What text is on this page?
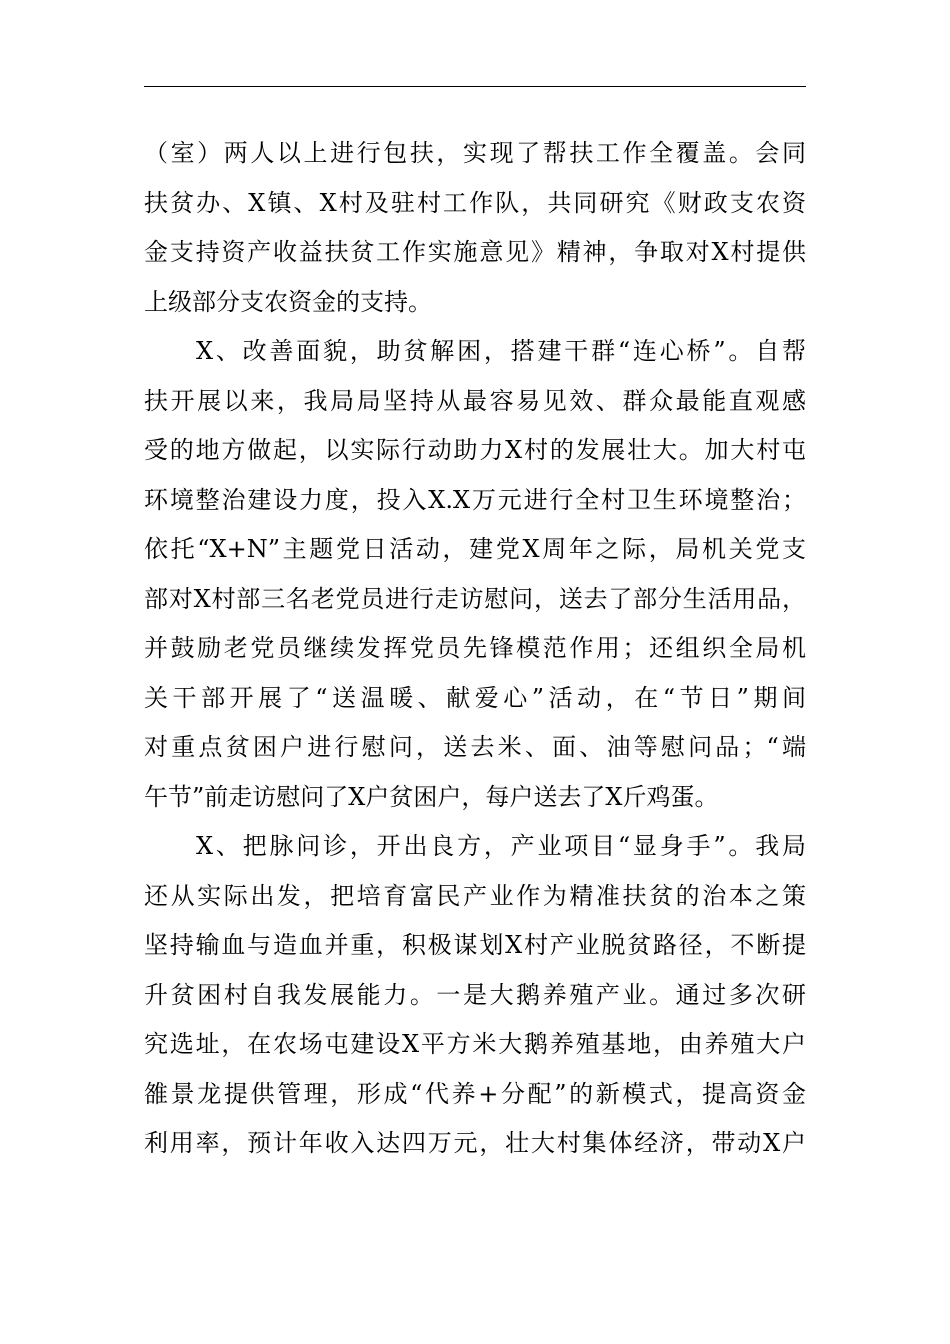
（室）两人以上进行包扶，实现了帮扶工作全覆盖。会同
扶贫办、X镇、X村及驻村工作队，共同研究《财政支农资
金支持资产收益扶贫工作实施意见》精神，争取对X村提供
上级部分支农资金的支持。
X、改善面貌，助贫解困，搭建干群“连心桥”。自帮
扶开展以来，我局局坚持从最容易见效、群众最能直观感
受的地方做起，以实际行动助力X村的发展壮大。加大村屯
环境整治建设力度，投入X.X万元进行全村卫生环境整治；
依托“X+N”主题党日活动，建党X周年之际，局机关党支
部对X村部三名老党员进行走访慰问，送去了部分生活用品，
并鼓励老党员继续发挥党员先锋模范作用；还组织全局机
关干部开展了“送温暖、献爱心”活动，在“节日”期间
对重点贫困户进行慰问，送去米、面、油等慰问品；“端
午节”前走访慰问了X户贫困户，每户送去了X斤鸡蛋。
X、把脉问诊，开出良方，产业项目“显身手”。我局
还从实际出发，把培育富民产业作为精准扶贫的治本之策
坚持输血与造血并重，积极谋划X村产业脱贫路径，不断提
升贫困村自我发展能力。一是大鹅养殖产业。通过多次研
究选址，在农场屯建设X平方米大鹅养殖基地，由养殖大户
雒景龙提供管理，形成“代养+分配”的新模式，提高资金
利用率，预计年收入达四万元，壮大村集体经济，带动X户
